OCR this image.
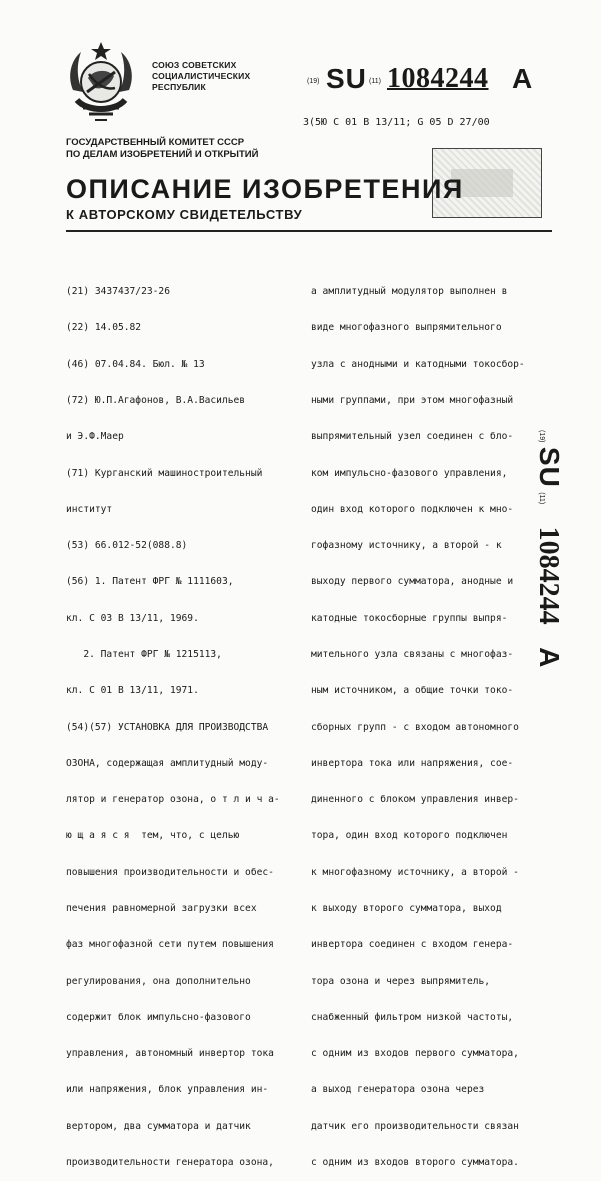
СОЮЗ СОВЕТСКИХ
СОЦИАЛИСТИЧЕСКИХ
РЕСПУБЛИК
(19) SU (11) 1084244 A
3(5Ю С 01 В 13/11; G 05 D 27/00
ГОСУДАРСТВЕННЫЙ КОМИТЕТ СССР
ПО ДЕЛАМ ИЗОБРЕТЕНИЙ И ОТКРЫТИЙ
ОПИСАНИЕ ИЗОБРЕТЕНИЯ
К АВТОРСКОМУ СВИДЕТЕЛЬСТВУ

(21) 3437437/23-26

(22) 14.05.82

(46) 07.04.84. Бюл. № 13

(72) Ю.П.Агафонов, В.А.Васильев

и Э.Ф.Маер

(71) Курганский машиностроительный

институт

(53) 66.012-52(088.8)

(56) 1. Патент ФРГ № 1111603,

кл. С 03 В 13/11, 1969.

2. Патент ФРГ № 1215113,

кл. С 01 В 13/11, 1971.

(54)(57) УСТАНОВКА ДЛЯ ПРОИЗВОДСТВА

ОЗОНА, содержащая амплитудный моду-

лятор и генератор озона, о т л и ч а-

ю щ а я с я  тем, что, с целью

повышения производительности и обес-

печения равномерной загрузки всех

фаз многофазной сети путем повышения

регулирования, она дополнительно

содержит блок импульсно-фазового

управления, автономный инвертор тока

или напряжения, блок управления ин-

вертором, два сумматора и датчик

производительности генератора озона,

а амплитудный модулятор выполнен в

виде многофазного выпрямительного

узла с анодными и катодными токосбор-

ными группами, при этом многофазный

выпрямительный узел соединен с бло-

ком импульсно-фазового управления,

один вход которого подключен к мно-

гофазному источнику, а второй - к

выходу первого сумматора, анодные и

катодные токосборные группы выпря-

мительного узла связаны с многофаз-

ным источником, а общие точки токо-

сборных групп - с входом автономного

инвертора тока или напряжения, сое-

диненного с блоком управления инвер-

тора, один вход которого подключен

к многофазному источнику, а второй -

к выходу второго сумматора, выход

инвертора соединен с входом генера-

тора озона и через выпрямитель,

снабженный фильтром низкой частоты,

с одним из входов первого сумматора,

а выход генератора озона через

датчик его производительности связан

с одним из входов второго сумматора.

(19) SU (11) 1084244 A
